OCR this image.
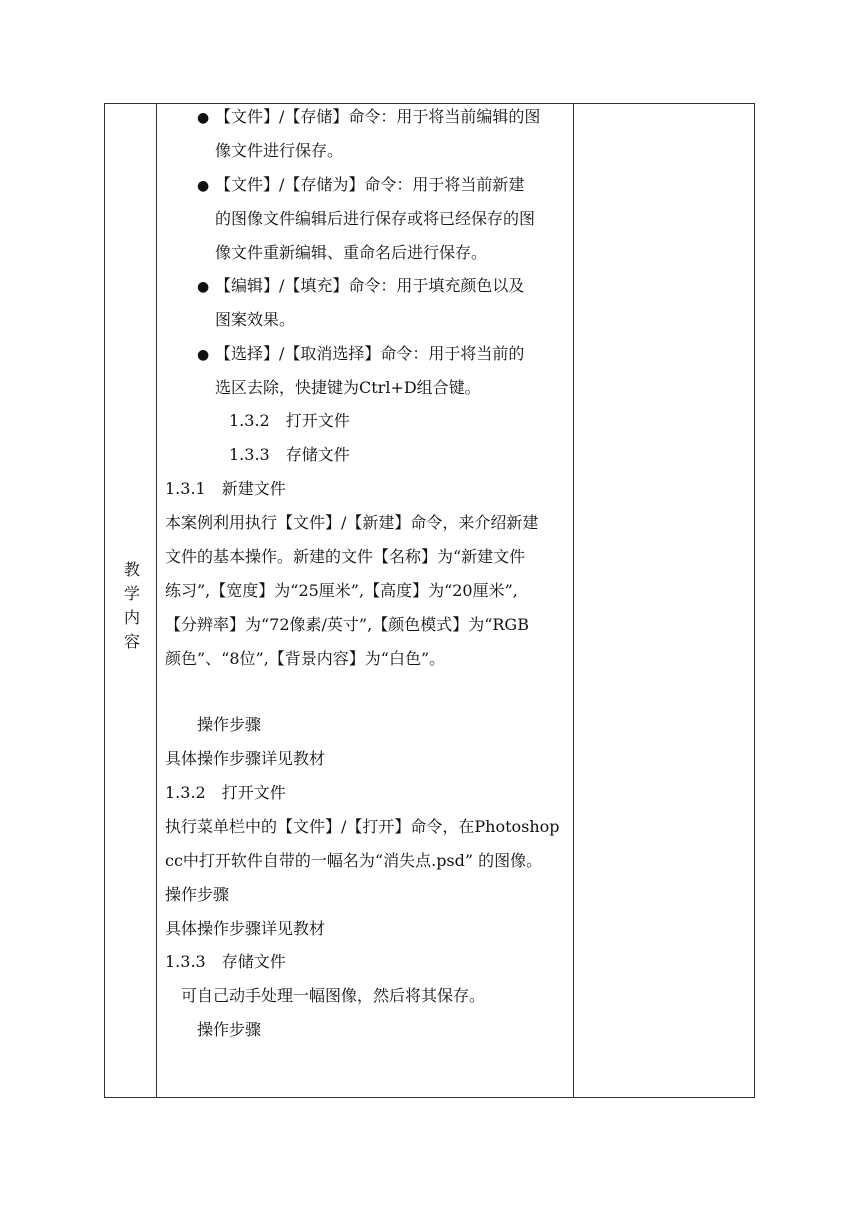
教
学
内
容
● 【文件】/【存储】命令：用于将当前编辑的图
像文件进行保存。
● 【文件】/【存储为】命令：用于将当前新建
的图像文件编辑后进行保存或将已经保存的图
像文件重新编辑、重命名后进行保存。
● 【编辑】/【填充】命令：用于填充颜色以及
图案效果。
● 【选择】/【取消选择】命令：用于将当前的
选区去除，快捷键为Ctrl+D组合键。
1.3.2　打开文件
1.3.3　存储文件
1.3.1　新建文件
本案例利用执行【文件】/【新建】命令，来介绍新建
文件的基本操作。新建的文件【名称】为“新建文件
练习”,【宽度】为“25厘米”,【高度】为“20厘米”,
【分辨率】为“72像素/英寸”,【颜色模式】为“RGB
颜色”、“8位”,【背景内容】为“白色”。
操作步骤
具体操作步骤详见教材
1.3.2　打开文件
执行菜单栏中的【文件】/【打开】命令，在Photoshop
cc中打开软件自带的一幅名为“消失点.psd” 的图像。
操作步骤
具体操作步骤详见教材
1.3.3　存储文件
可自己动手处理一幅图像，然后将其保存。
操作步骤
